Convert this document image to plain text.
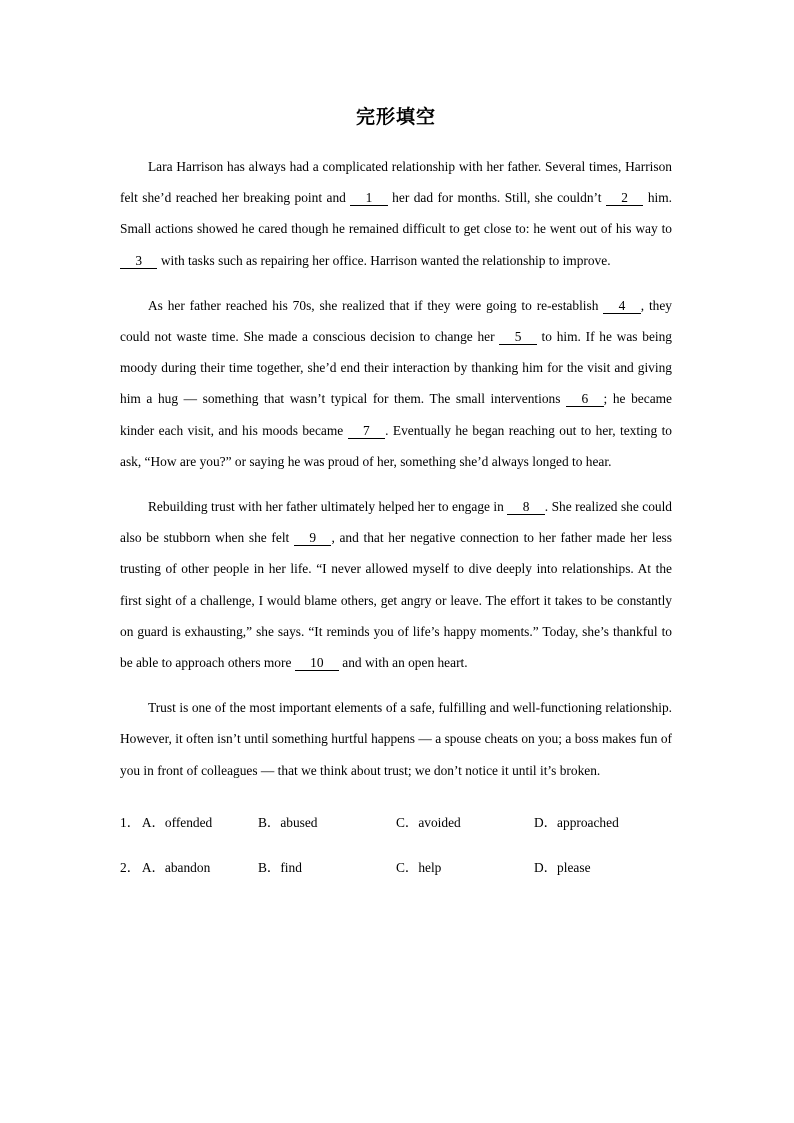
完形填空

Lara Harrison has always had a complicated relationship with her father. Several times, Harrison felt she’d reached her breaking point and   1   her dad for months. Still, she couldn’t   2   him. Small actions showed he cared though he remained difficult to get close to: he went out of his way to   3   with tasks such as repairing her office. Harrison wanted the relationship to improve.

As her father reached his 70s, she realized that if they were going to re-establish   4  , they could not waste time. She made a conscious decision to change her   5   to him. If he was being moody during their time together, she’d end their interaction by thanking him for the visit and giving him a hug — something that wasn’t typical for them. The small interventions   6  ; he became kinder each visit, and his moods became   7  . Eventually he began reaching out to her, texting to ask, “How are you?” or saying he was proud of her, something she’d always longed to hear.

Rebuilding trust with her father ultimately helped her to engage in   8  . She realized she could also be stubborn when she felt   9  , and that her negative connection to her father made her less trusting of other people in her life. “I never allowed myself to dive deeply into relationships. At the first sight of a challenge, I would blame others, get angry or leave. The effort it takes to be constantly on guard is exhausting,” she says. “It reminds you of life’s happy moments.” Today, she’s thankful to be able to approach others more   10   and with an open heart.

Trust is one of the most important elements of a safe, fulfilling and well-functioning relationship. However, it often isn’t until something hurtful happens — a spouse cheats on you; a boss makes fun of you in front of colleagues — that we think about trust; we don’t notice it until it’s broken.

1． A．offended	B．abused	C．avoided	D．approached
2． A．abandon	B．find	C．help	D．please
